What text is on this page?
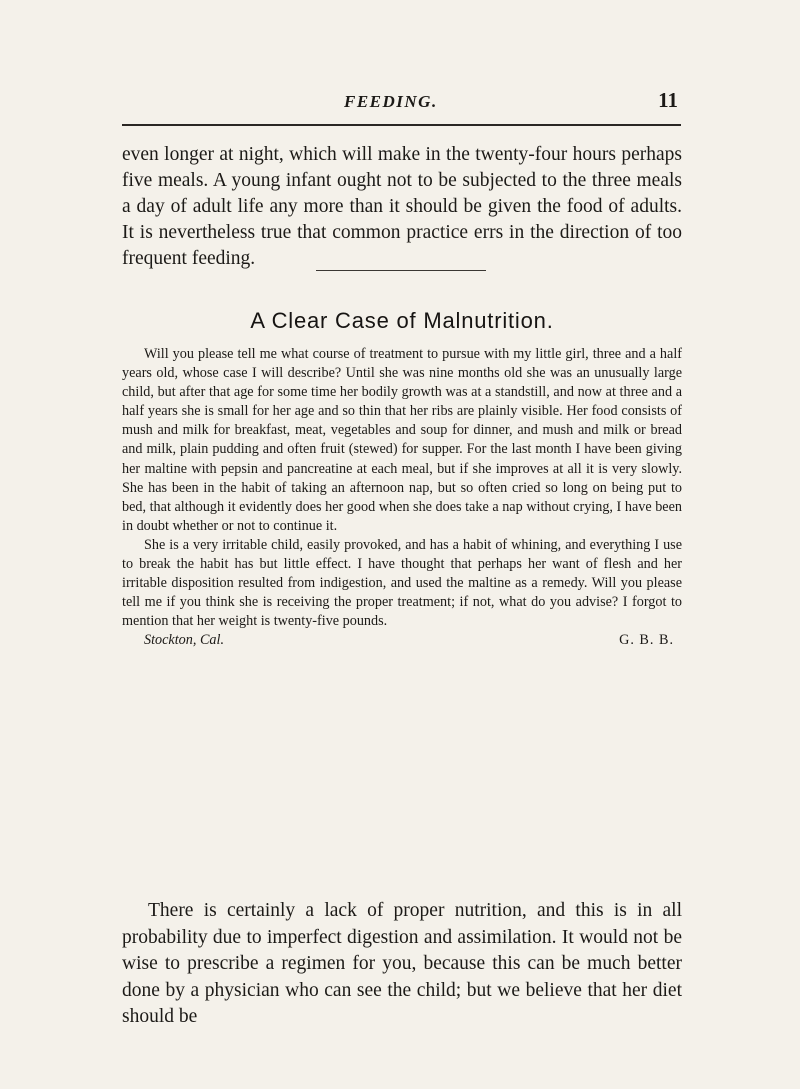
FEEDING.	11
even longer at night, which will make in the twenty-four hours perhaps five meals. A young infant ought not to be subjected to the three meals a day of adult life any more than it should be given the food of adults. It is nevertheless true that common practice errs in the direction of too frequent feeding.
A Clear Case of Malnutrition.

Will you please tell me what course of treatment to pursue with my little girl, three and a half years old, whose case I will describe? Until she was nine months old she was an unusually large child, but after that age for some time her bodily growth was at a standstill, and now at three and a half years she is small for her age and so thin that her ribs are plainly visible. Her food consists of mush and milk for breakfast, meat, vegetables and soup for dinner, and mush and milk or bread and milk, plain pudding and often fruit (stewed) for supper. For the last month I have been giving her maltine with pepsin and pancreatine at each meal, but if she improves at all it is very slowly. She has been in the habit of taking an afternoon nap, but so often cried so long on being put to bed, that although it evidently does her good when she does take a nap without crying, I have been in doubt whether or not to continue it.

She is a very irritable child, easily provoked, and has a habit of whining, and everything I use to break the habit has but little effect. I have thought that perhaps her want of flesh and her irritable disposition resulted from indigestion, and used the maltine as a remedy. Will you please tell me if you think she is receiving the proper treatment; if not, what do you advise? I forgot to mention that her weight is twenty-five pounds.

Stockton, Cal.	G. B. B.
There is certainly a lack of proper nutrition, and this is in all probability due to imperfect digestion and assimilation. It would not be wise to prescribe a regimen for you, because this can be much better done by a physician who can see the child; but we believe that her diet should be
